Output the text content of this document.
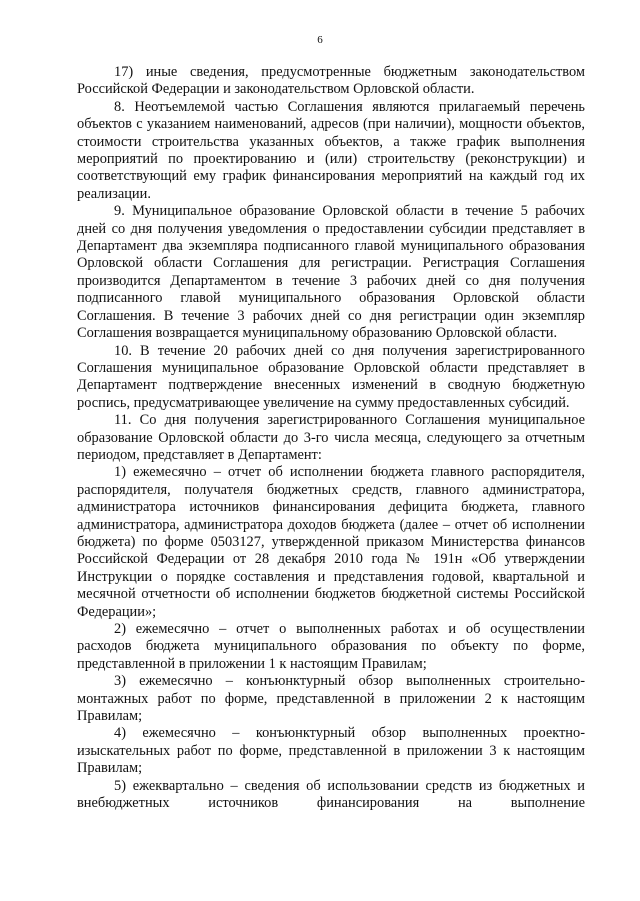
6

17) иные сведения, предусмотренные бюджетным законодательством Российской Федерации и законодательством Орловской области.

8. Неотъемлемой частью Соглашения являются прилагаемый перечень объектов с указанием наименований, адресов (при наличии), мощности объектов, стоимости строительства указанных объектов, а также график выполнения мероприятий по проектированию и (или) строительству (реконструкции) и соответствующий ему график финансирования мероприятий на каждый год их реализации.

9. Муниципальное образование Орловской области в течение 5 рабочих дней со дня получения уведомления о предоставлении субсидии представляет в Департамент два экземпляра подписанного главой муниципального образования Орловской области Соглашения для регистрации. Регистрация Соглашения производится Департаментом в течение 3 рабочих дней со дня получения подписанного главой муниципального образования Орловской области Соглашения. В течение 3 рабочих дней со дня регистрации один экземпляр Соглашения возвращается муниципальному образованию Орловской области.

10. В течение 20 рабочих дней со дня получения зарегистрированного Соглашения муниципальное образование Орловской области представляет в Департамент подтверждение внесенных изменений в сводную бюджетную роспись, предусматривающее увеличение на сумму предоставленных субсидий.

11. Со дня получения зарегистрированного Соглашения муниципальное образование Орловской области до 3-го числа месяца, следующего за отчетным периодом, представляет в Департамент:

1) ежемесячно – отчет об исполнении бюджета главного распорядителя, распорядителя, получателя бюджетных средств, главного администратора, администратора источников финансирования дефицита бюджета, главного администратора, администратора доходов бюджета (далее – отчет об исполнении бюджета) по форме 0503127, утвержденной приказом Министерства финансов Российской Федерации от 28 декабря 2010 года № 191н «Об утверждении Инструкции о порядке составления и представления годовой, квартальной и месячной отчетности об исполнении бюджетов бюджетной системы Российской Федерации»;

2) ежемесячно – отчет о выполненных работах и об осуществлении расходов бюджета муниципального образования по объекту по форме, представленной в приложении 1 к настоящим Правилам;

3) ежемесячно – конъюнктурный обзор выполненных строительно-монтажных работ по форме, представленной в приложении 2 к настоящим Правилам;

4) ежемесячно – конъюнктурный обзор выполненных проектно-изыскательных работ по форме, представленной в приложении 3 к настоящим Правилам;

5) ежеквартально – сведения об использовании средств из бюджетных и внебюджетных источников финансирования на выполнение
